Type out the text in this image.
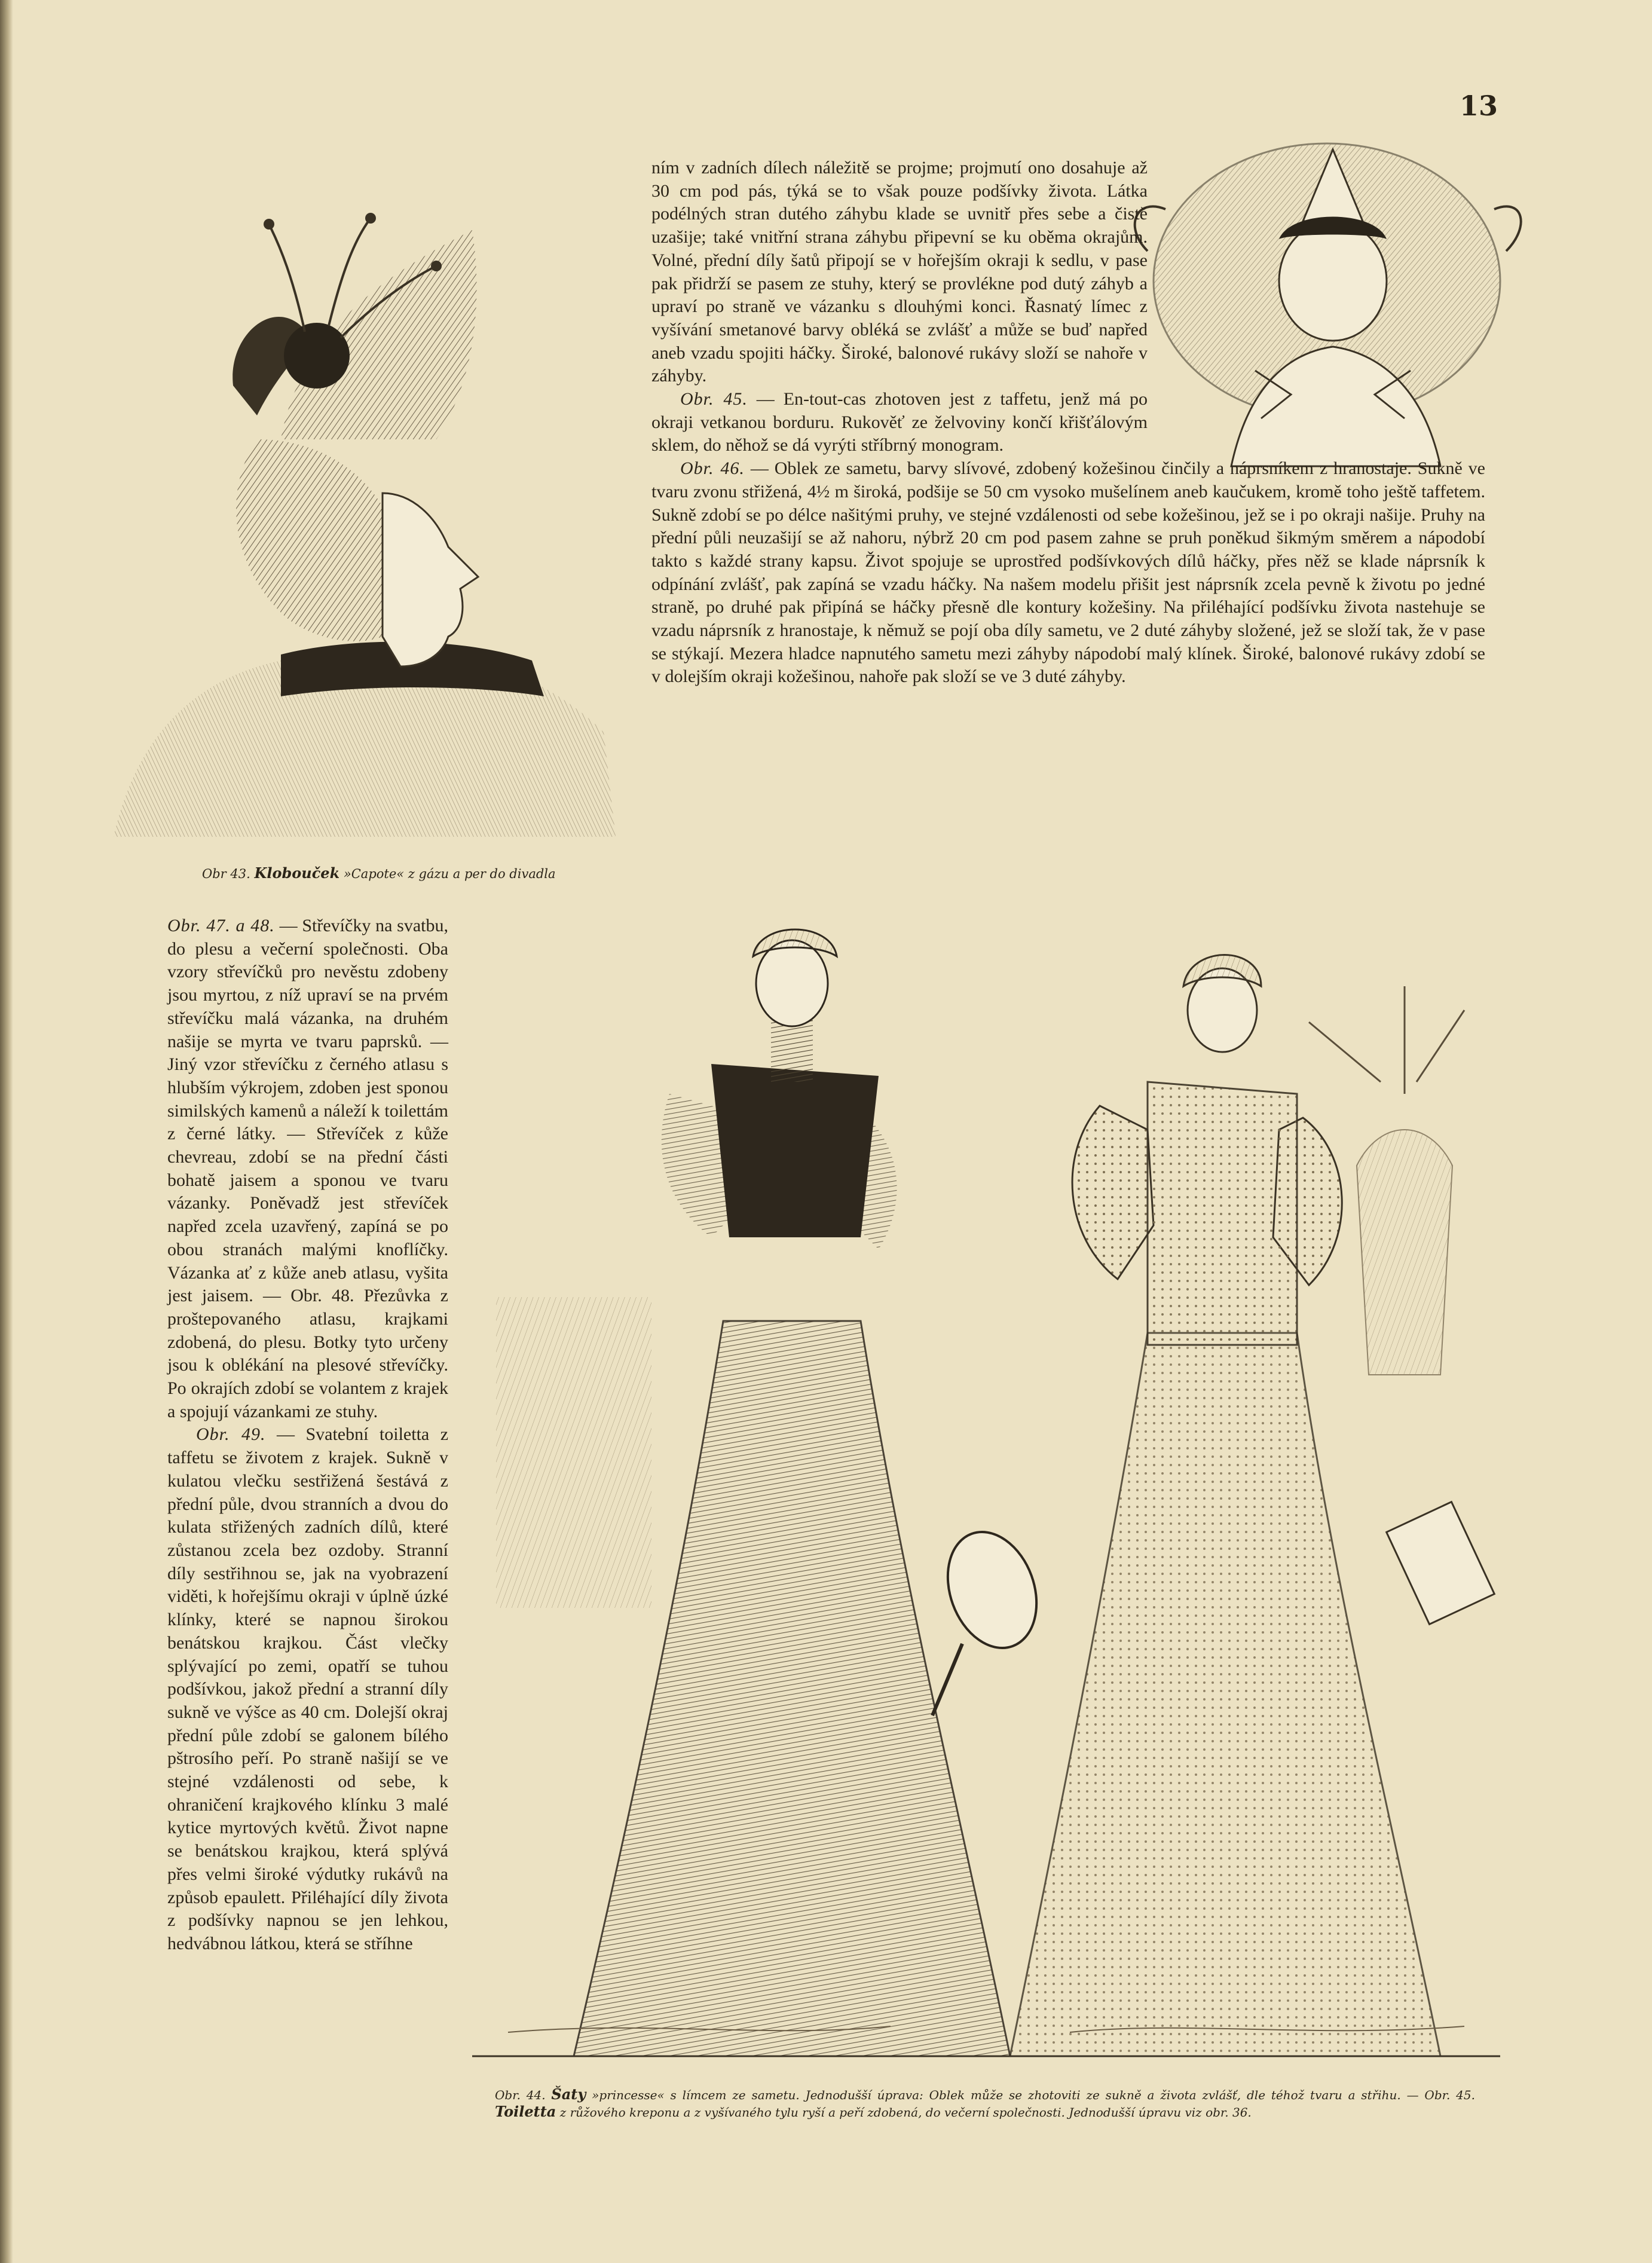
13

ním v zadních dílech náležitě se projme; projmutí ono dosahuje až 30 cm pod pás, týká se to však pouze podšívky života. Látka podélných stran dutého záhybu klade se uvnitř přes sebe a čistě uzašije; také vnitřní strana záhybu připevní se ku oběma okrajům. Volné, přední díly šatů připojí se v hořejším okraji k sedlu, v pase pak přidrží se pasem ze stuhy, který se provlékne pod dutý záhyb a upraví po straně ve vázanku s dlouhými konci. Řasnatý límec z vyšívání smetanové barvy obléká se zvlášť a může se buď napřed aneb vzadu spojiti háčky. Široké, balonové rukávy složí se nahoře v záhyby.

Obr. 45. — En-tout-cas zhotoven jest z taffetu, jenž má po okraji vetkanou borduru. Rukověť ze želvoviny končí křišťálovým sklem, do něhož se dá vyrýti stříbrný monogram.

Obr. 46. — Oblek ze sametu, barvy slívové, zdobený kožešinou činčily a náprsníkem z hranostaje. Sukně ve tvaru zvonu střižená, 4½ m široká, podšije se 50 cm vysoko mušelínem aneb kaučukem, kromě toho ještě taffetem. Sukně zdobí se po délce našitými pruhy, ve stejné vzdálenosti od sebe kožešinou, jež se i po okraji našije. Pruhy na přední půli neuzašijí se až nahoru, nýbrž 20 cm pod pasem zahne se pruh poněkud šikmým směrem a nápodobí takto s každé strany kapsu. Život spojuje se uprostřed podšívkových dílů háčky, přes něž se klade náprsník k odpínání zvlášť, pak zapíná se vzadu háčky. Na našem modelu přišit jest náprsník zcela pevně k životu po jedné straně, po druhé pak připíná se háčky přesně dle kontury kožešiny. Na přiléhající podšívku života nastehuje se vzadu náprsník z hranostaje, k němuž se pojí oba díly sametu, ve 2 duté záhyby složené, jež se složí tak, že v pase se stýkají. Mezera hladce napnutého sametu mezi záhyby nápodobí malý klínek. Široké, balonové rukávy zdobí se v dolejším okraji kožešinou, nahoře pak složí se ve 3 duté záhyby.

Obr 43. Klobouček »Capote« z gázu a per do divadla

Obr. 47. a 48. — Střevíčky na svatbu, do plesu a večerní společnosti. Oba vzory střevíčků pro nevěstu zdobeny jsou myrtou, z níž upraví se na prvém střevíčku malá vázanka, na druhém našije se myrta ve tvaru paprsků. — Jiný vzor střevíčku z černého atlasu s hlubším výkrojem, zdoben jest sponou similských kamenů a náleží k toilettám z černé látky. — Střevíček z kůže chevreau, zdobí se na přední části bohatě jaisem a sponou ve tvaru vázanky. Poněvadž jest střevíček napřed zcela uzavřený, zapíná se po obou stranách malými knoflíčky. Vázanka ať z kůže aneb atlasu, vyšita jest jaisem. — Obr. 48. Přezůvka z proštepovaného atlasu, krajkami zdobená, do plesu. Botky tyto určeny jsou k oblékání na plesové střevíčky. Po okrajích zdobí se volantem z krajek a spojují vázankami ze stuhy.

Obr. 49. — Svatební toiletta z taffetu se životem z krajek. Sukně v kulatou vlečku sestřižená šestává z přední půle, dvou stranních a dvou do kulata střižených zadních dílů, které zůstanou zcela bez ozdoby. Stranní díly sestřihnou se, jak na vyobrazení viděti, k hořejšímu okraji v úplně úzké klínky, které se napnou širokou benátskou krajkou. Část vlečky splývající po zemi, opatří se tuhou podšívkou, jakož přední a stranní díly sukně ve výšce as 40 cm. Dolejší okraj přední půle zdobí se galonem bílého pštrosího peří. Po straně našijí se ve stejné vzdálenosti od sebe, k ohraničení krajkového klínku 3 malé kytice myrtových květů. Život napne se benátskou krajkou, která splývá přes velmi široké výdutky rukávů na způsob epaulett. Přiléhající díly života z podšívky napnou se jen lehkou, hedvábnou látkou, která se stříhne

Obr. 44. Šaty »princesse« s límcem ze sametu. Jednodušší úprava: Oblek může se zhotoviti ze sukně a života zvlášť, dle téhož tvaru a střihu. — Obr. 45. Toiletta z růžového kreponu a z vyšívaného tylu ryší a peří zdobená, do večerní společnosti. Jednodušší úpravu viz obr. 36.
